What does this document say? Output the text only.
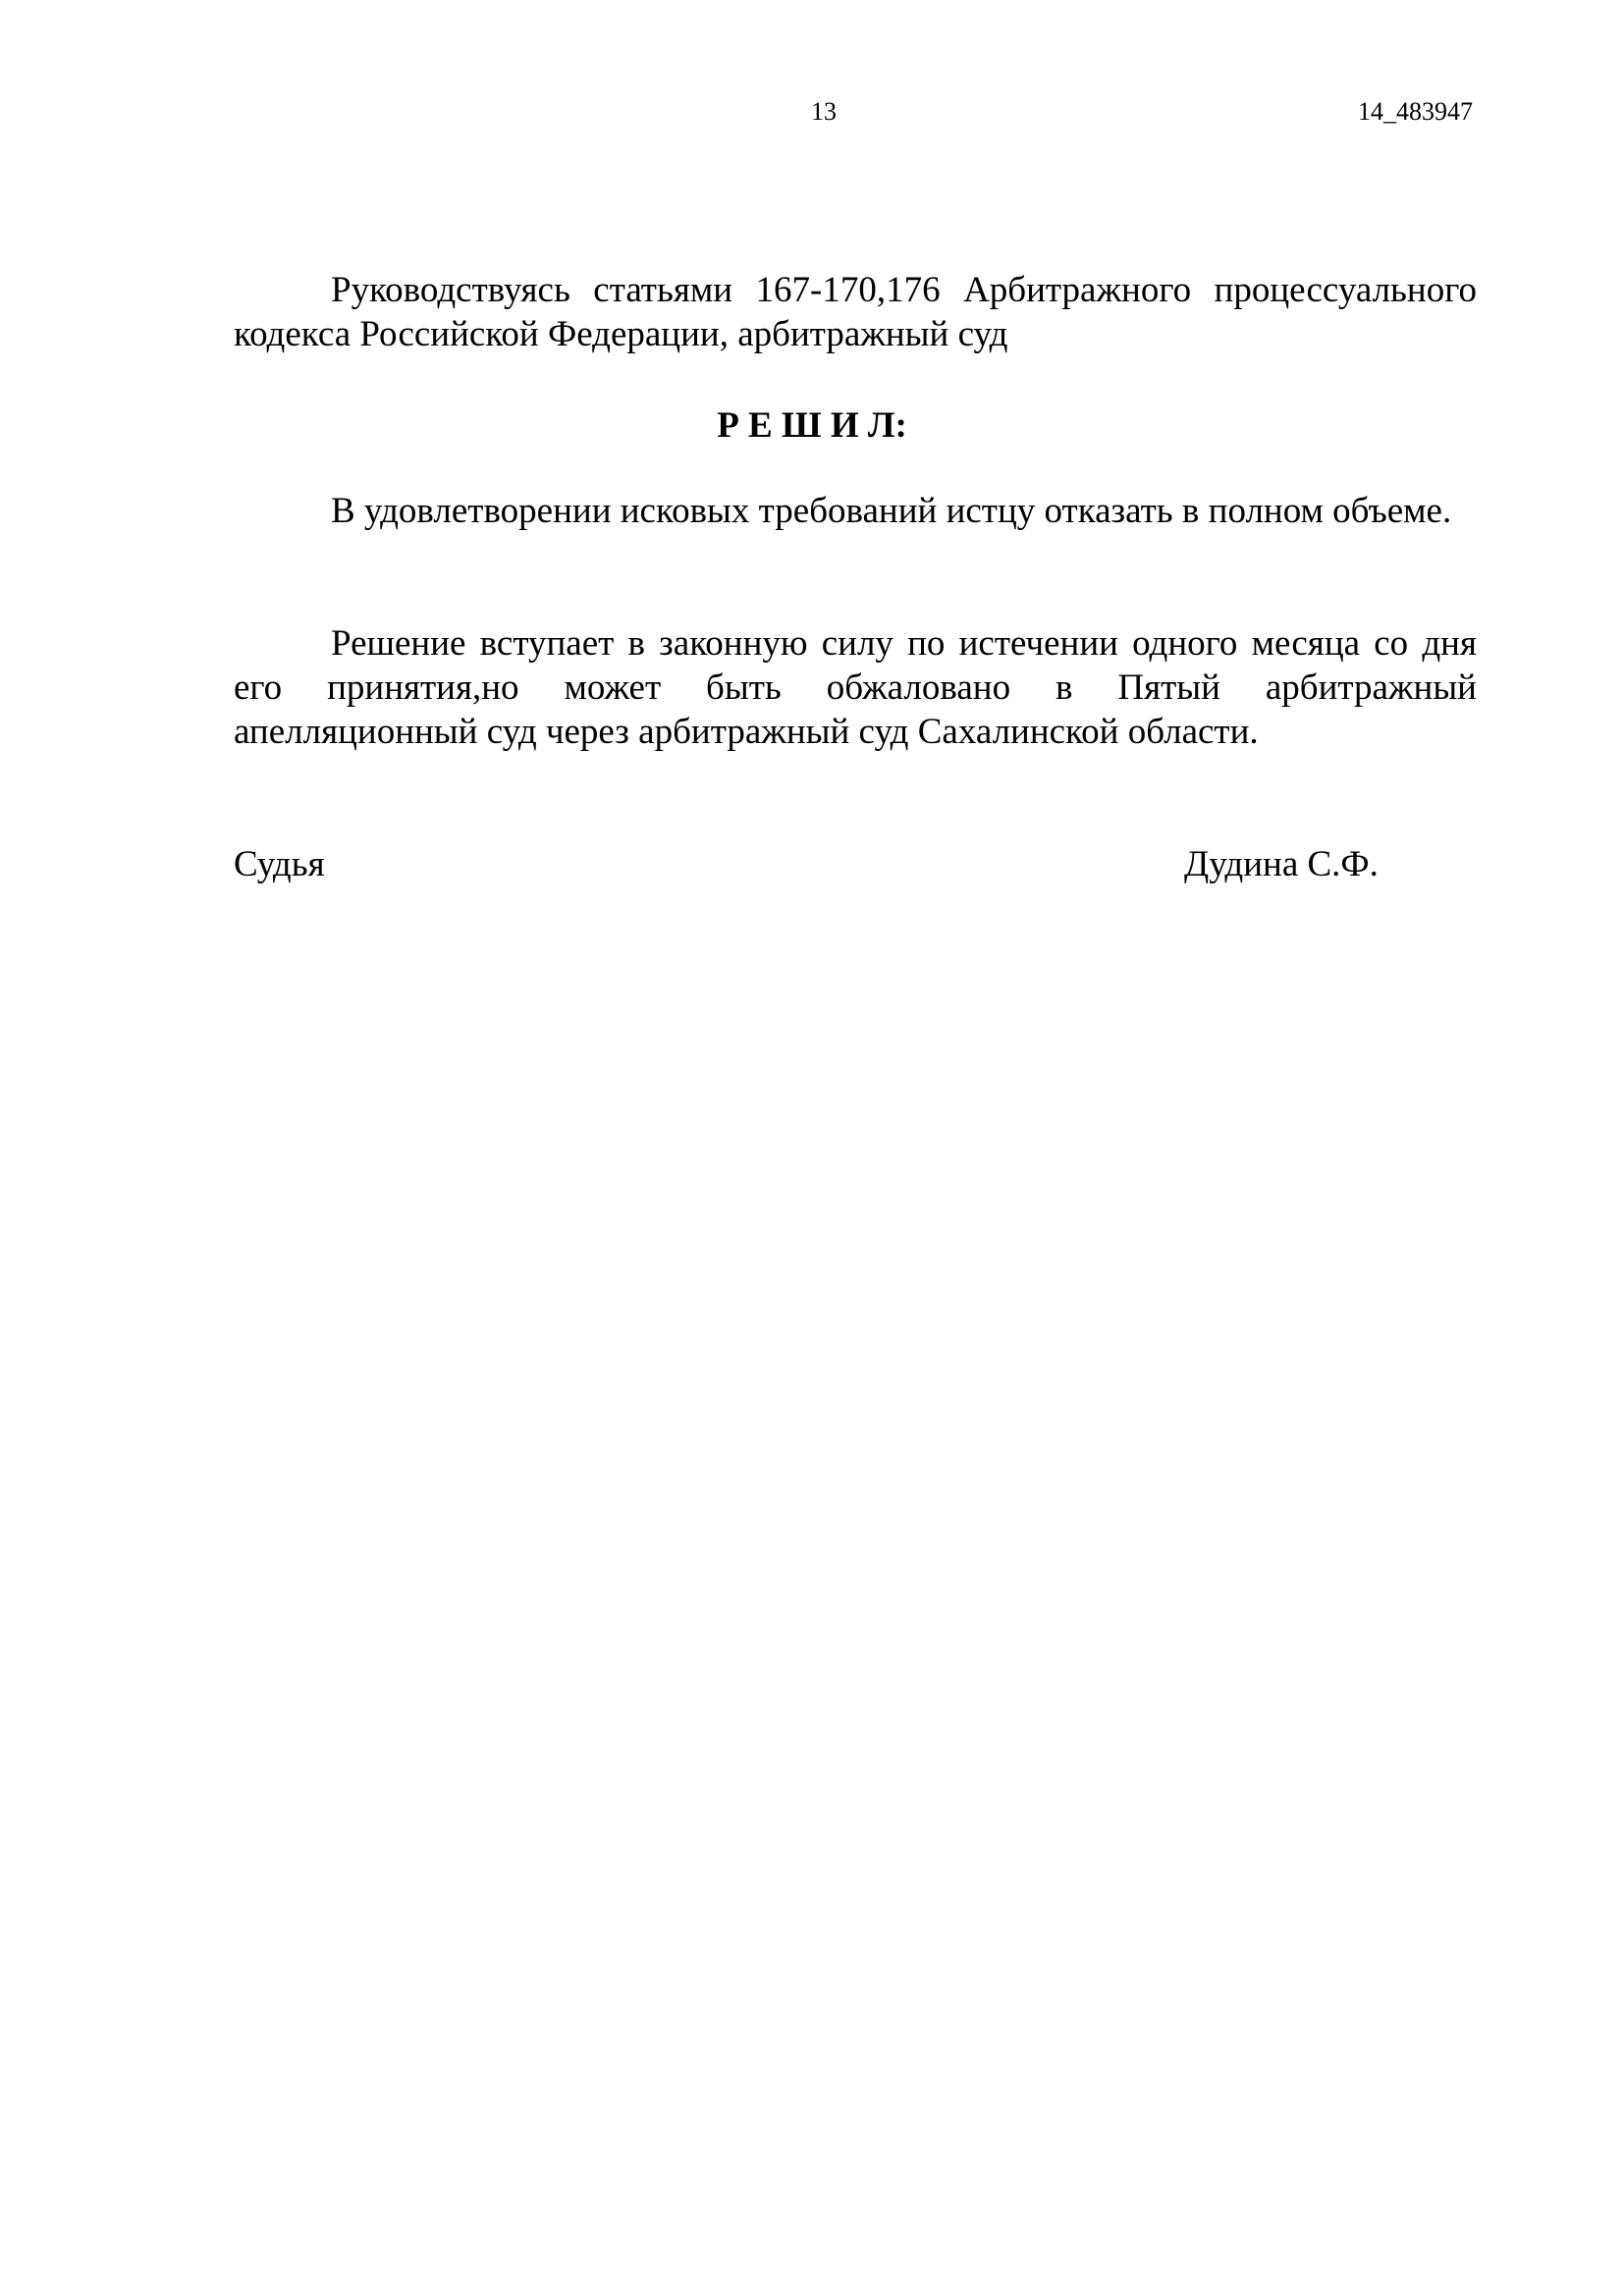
13	14_483947

Руководствуясь статьями 167-170,176 Арбитражного процессуального кодекса Российской Федерации, арбитражный суд

Р Е Ш И Л:

В удовлетворении исковых требований истцу отказать в полном объеме.

Решение вступает в законную силу по истечении одного месяца со дня его принятия,но может быть обжаловано в Пятый арбитражный апелляционный суд через арбитражный суд Сахалинской области.

Судья	Дудина С.Ф.
